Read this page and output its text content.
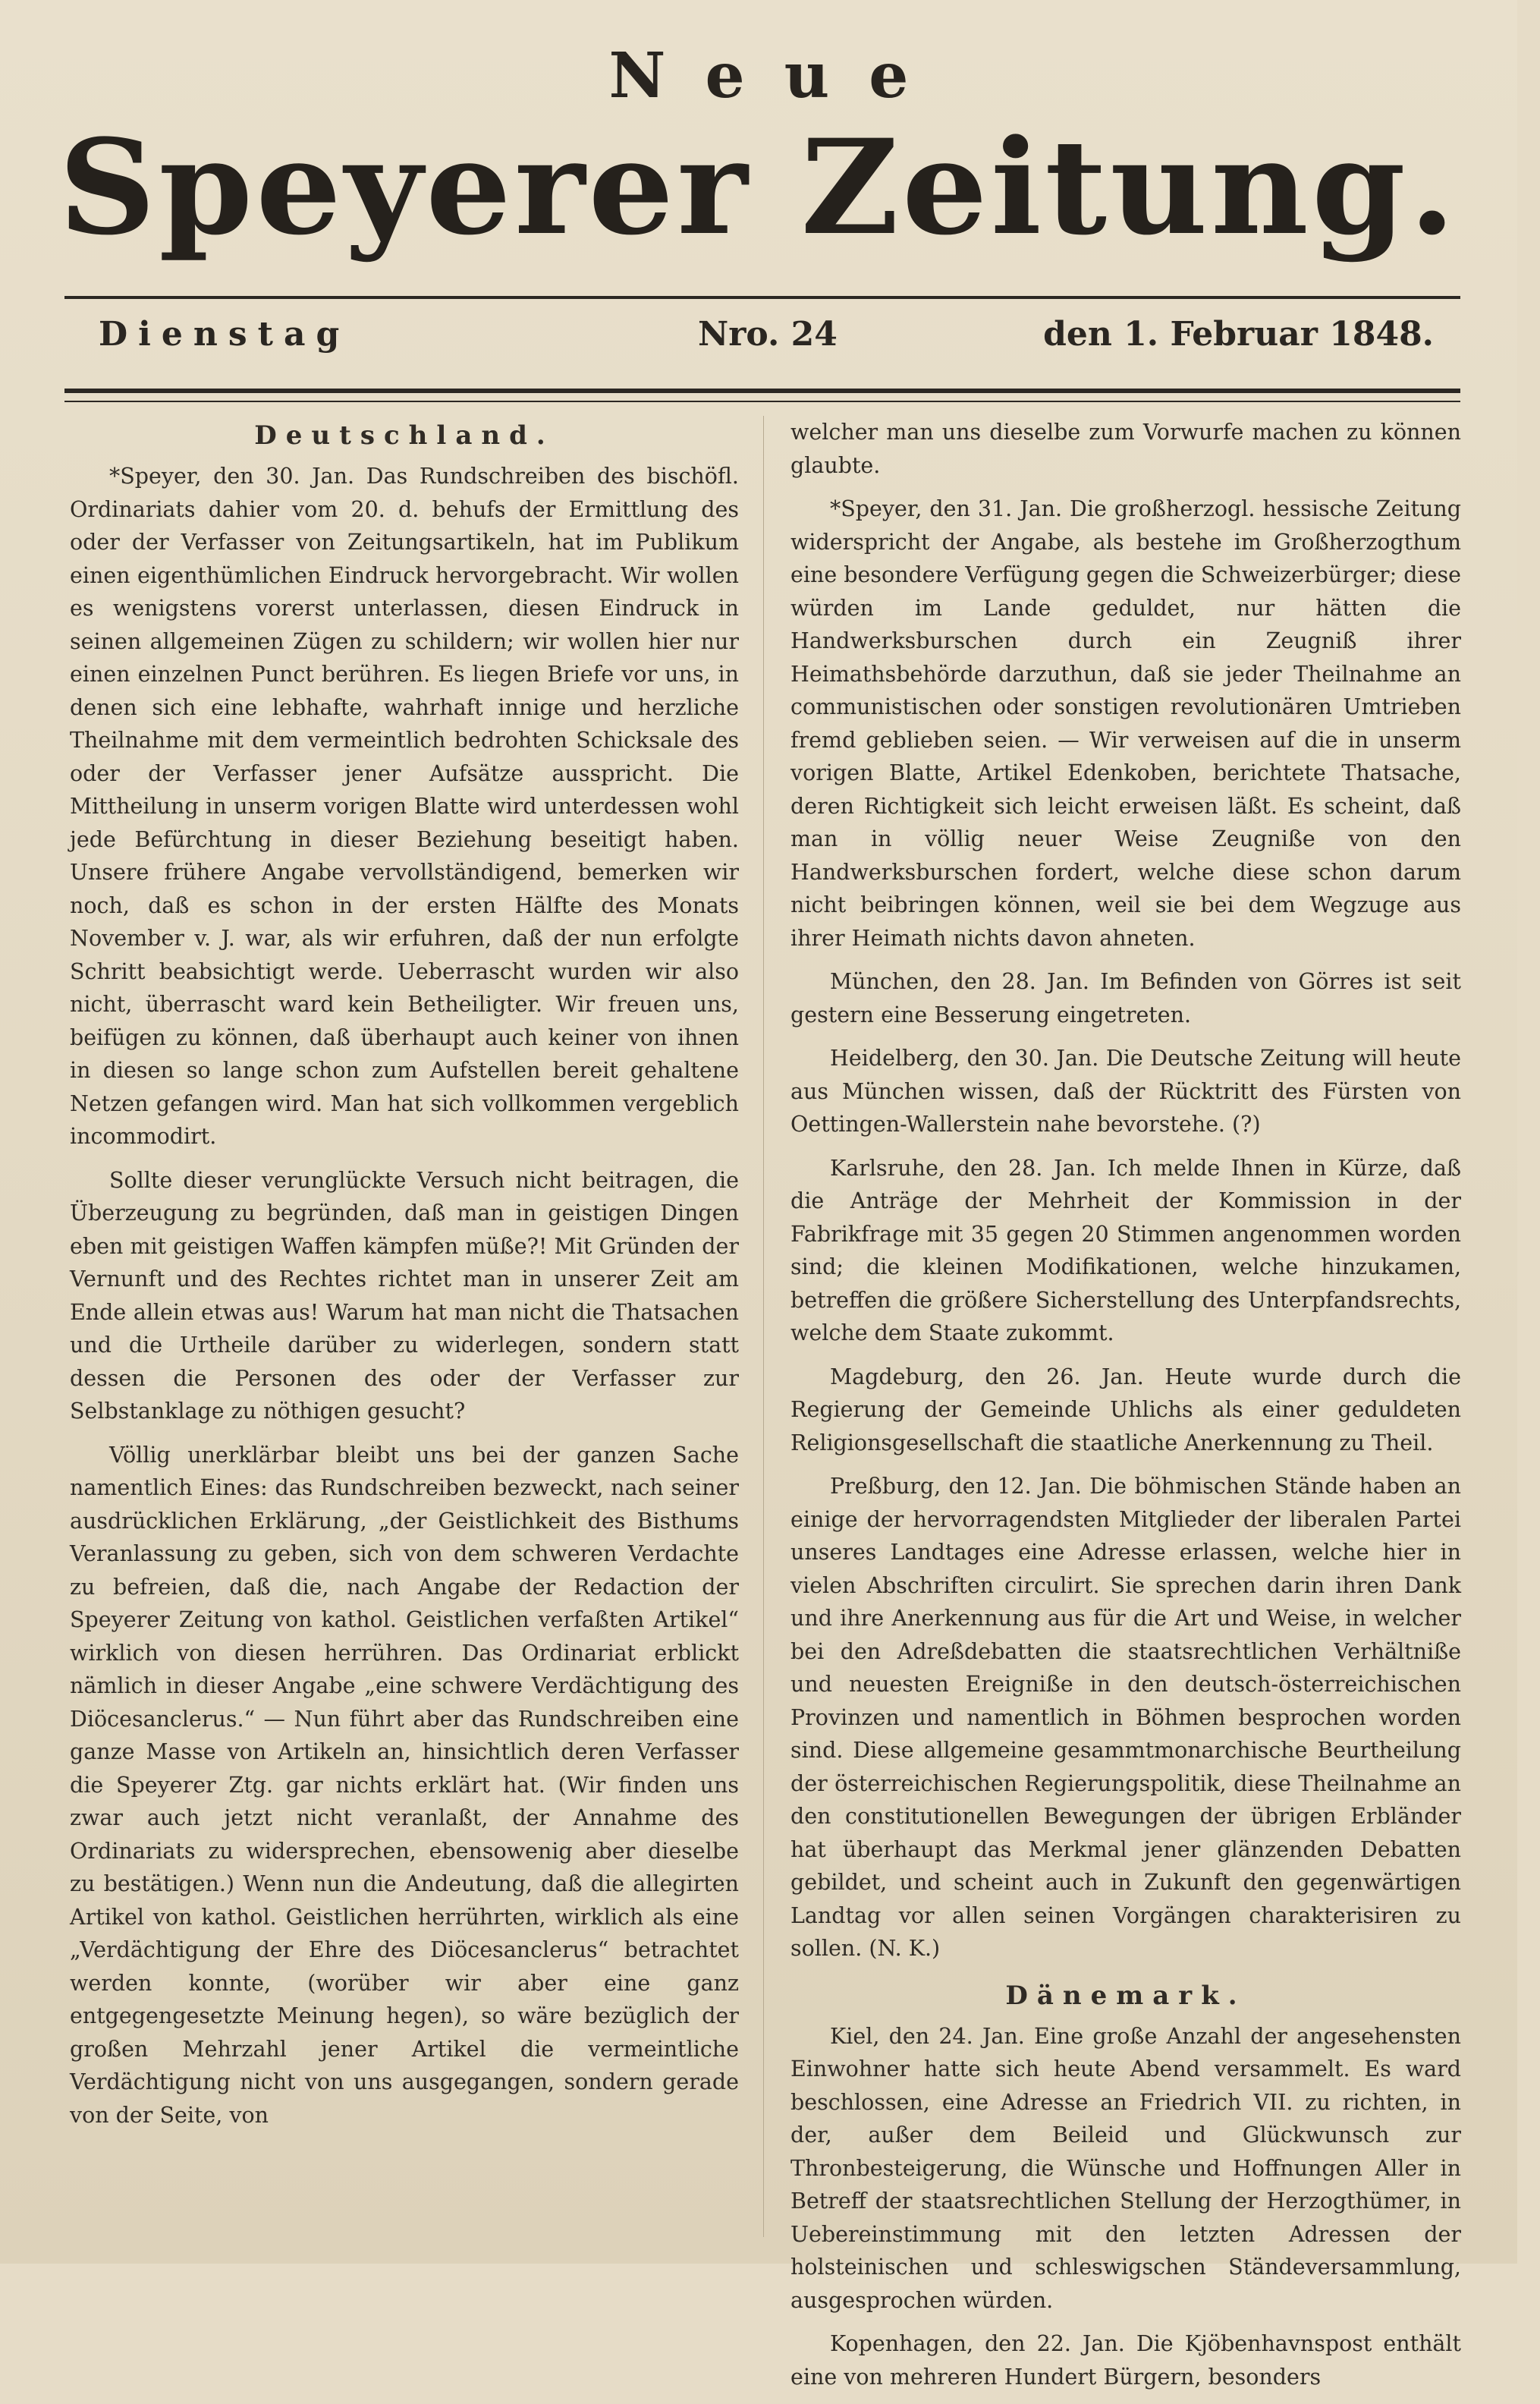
Neue
Speyerer Zeitung.
Dienstag	Nro. 24	den 1. Februar 1848.
Deutschland.

*Speyer, den 30. Jan. Das Rundschreiben des bischöfl. Ordinariats dahier vom 20. d. behufs der Ermittlung des oder der Verfasser von Zeitungsartikeln, hat im Publikum einen eigenthümlichen Eindruck hervorgebracht. Wir wollen es wenigstens vorerst unterlassen, diesen Eindruck in seinen allgemeinen Zügen zu schildern; wir wollen hier nur einen einzelnen Punct berühren. Es liegen Briefe vor uns, in denen sich eine lebhafte, wahrhaft innige und herzliche Theilnahme mit dem vermeintlich bedrohten Schicksale des oder der Verfasser jener Aufsätze ausspricht. Die Mittheilung in unserm vorigen Blatte wird unterdessen wohl jede Befürchtung in dieser Beziehung beseitigt haben. Unsere frühere Angabe vervollständigend, bemerken wir noch, daß es schon in der ersten Hälfte des Monats November v. J. war, als wir erfuhren, daß der nun erfolgte Schritt beabsichtigt werde. Ueberrascht wurden wir also nicht, überrascht ward kein Betheiligter. Wir freuen uns, beifügen zu können, daß überhaupt auch keiner von ihnen in diesen so lange schon zum Aufstellen bereit gehaltene Netzen gefangen wird. Man hat sich vollkommen vergeblich incommodirt.

Sollte dieser verunglückte Versuch nicht beitragen, die Überzeugung zu begründen, daß man in geistigen Dingen eben mit geistigen Waffen kämpfen müße?! Mit Gründen der Vernunft und des Rechtes richtet man in unserer Zeit am Ende allein etwas aus! Warum hat man nicht die Thatsachen und die Urtheile darüber zu widerlegen, sondern statt dessen die Personen des oder der Verfasser zur Selbstanklage zu nöthigen gesucht?

Völlig unerklärbar bleibt uns bei der ganzen Sache namentlich Eines: das Rundschreiben bezweckt, nach seiner ausdrücklichen Erklärung, „der Geistlichkeit des Bisthums Veranlassung zu geben, sich von dem schweren Verdachte zu befreien, daß die, nach Angabe der Redaction der Speyerer Zeitung von kathol. Geistlichen verfaßten Artikel“ wirklich von diesen herrühren. Das Ordinariat erblickt nämlich in dieser Angabe „eine schwere Verdächtigung des Diöcesanclerus.“ — Nun führt aber das Rundschreiben eine ganze Masse von Artikeln an, hinsichtlich deren Verfasser die Speyerer Ztg. gar nichts erklärt hat. (Wir finden uns zwar auch jetzt nicht veranlaßt, der Annahme des Ordinariats zu widersprechen, ebensowenig aber dieselbe zu bestätigen.) Wenn nun die Andeutung, daß die allegirten Artikel von kathol. Geistlichen herrührten, wirklich als eine „Verdächtigung der Ehre des Diöcesanclerus“ betrachtet werden konnte, (worüber wir aber eine ganz entgegengesetzte Meinung hegen), so wäre bezüglich der großen Mehrzahl jener Artikel die vermeintliche Verdächtigung nicht von uns ausgegangen, sondern gerade von der Seite, von

welcher man uns dieselbe zum Vorwurfe machen zu können glaubte.

*Speyer, den 31. Jan. Die großherzogl. hessische Zeitung widerspricht der Angabe, als bestehe im Großherzogthum eine besondere Verfügung gegen die Schweizerbürger; diese würden im Lande geduldet, nur hätten die Handwerksburschen durch ein Zeugniß ihrer Heimathsbehörde darzuthun, daß sie jeder Theilnahme an communistischen oder sonstigen revolutionären Umtrieben fremd geblieben seien. — Wir verweisen auf die in unserm vorigen Blatte, Artikel Edenkoben, berichtete Thatsache, deren Richtigkeit sich leicht erweisen läßt. Es scheint, daß man in völlig neuer Weise Zeugniße von den Handwerksburschen fordert, welche diese schon darum nicht beibringen können, weil sie bei dem Wegzuge aus ihrer Heimath nichts davon ahneten.

München, den 28. Jan. Im Befinden von Görres ist seit gestern eine Besserung eingetreten.

Heidelberg, den 30. Jan. Die Deutsche Zeitung will heute aus München wissen, daß der Rücktritt des Fürsten von Oettingen-Wallerstein nahe bevorstehe. (?)

Karlsruhe, den 28. Jan. Ich melde Ihnen in Kürze, daß die Anträge der Mehrheit der Kommission in der Fabrikfrage mit 35 gegen 20 Stimmen angenommen worden sind; die kleinen Modifikationen, welche hinzukamen, betreffen die größere Sicherstellung des Unterpfandsrechts, welche dem Staate zukommt.

Magdeburg, den 26. Jan. Heute wurde durch die Regierung der Gemeinde Uhlichs als einer geduldeten Religionsgesellschaft die staatliche Anerkennung zu Theil.

Preßburg, den 12. Jan. Die böhmischen Stände haben an einige der hervorragendsten Mitglieder der liberalen Partei unseres Landtages eine Adresse erlassen, welche hier in vielen Abschriften circulirt. Sie sprechen darin ihren Dank und ihre Anerkennung aus für die Art und Weise, in welcher bei den Adreßdebatten die staatsrechtlichen Verhältniße und neuesten Ereigniße in den deutsch-österreichischen Provinzen und namentlich in Böhmen besprochen worden sind. Diese allgemeine gesammtmonarchische Beurtheilung der österreichischen Regierungspolitik, diese Theilnahme an den constitutionellen Bewegungen der übrigen Erbländer hat überhaupt das Merkmal jener glänzenden Debatten gebildet, und scheint auch in Zukunft den gegenwärtigen Landtag vor allen seinen Vorgängen charakterisiren zu sollen. (N. K.)

Dänemark.

Kiel, den 24. Jan. Eine große Anzahl der angesehensten Einwohner hatte sich heute Abend versammelt. Es ward beschlossen, eine Adresse an Friedrich VII. zu richten, in der, außer dem Beileid und Glückwunsch zur Thronbesteigerung, die Wünsche und Hoffnungen Aller in Betreff der staatsrechtlichen Stellung der Herzogthümer, in Uebereinstimmung mit den letzten Adressen der holsteinischen und schleswigschen Ständeversammlung, ausgesprochen würden.

Kopenhagen, den 22. Jan. Die Kjöbenhavnspost enthält eine von mehreren Hundert Bürgern, besonders
